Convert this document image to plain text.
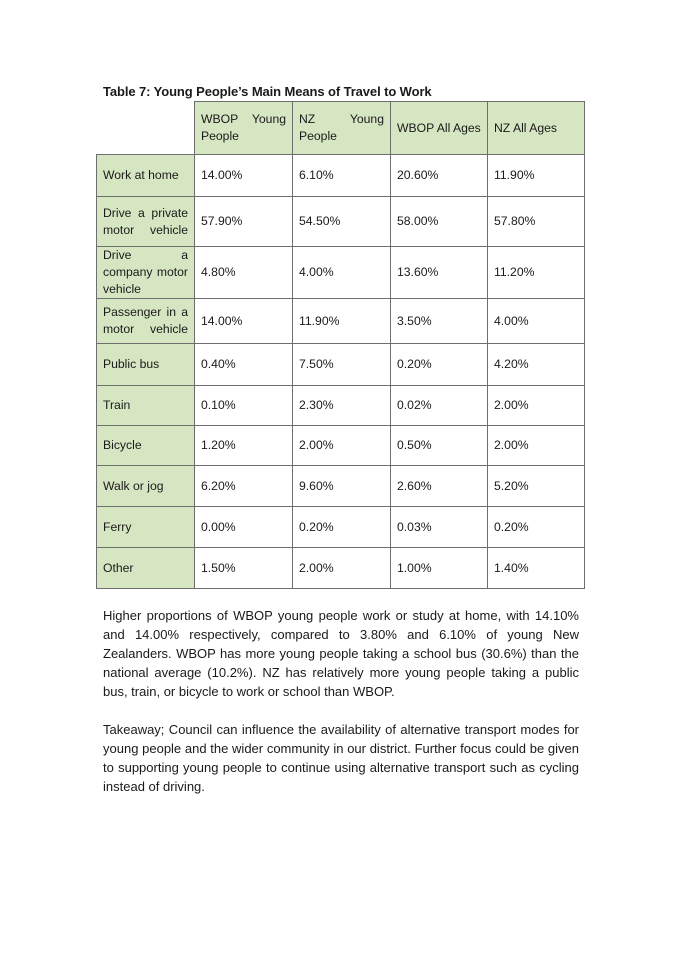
Table 7: Young People’s Main Means of Travel to Work

	WBOP Young People	NZ Young People	WBOP All Ages	NZ All Ages

Work at home	14.00%	6.10%	20.60%	11.90%

Drive a private motor vehicle	57.90%	54.50%	58.00%	57.80%

Drive a company motor vehicle	4.80%	4.00%	13.60%	11.20%

Passenger in a motor vehicle	14.00%	11.90%	3.50%	4.00%
Public bus	0.40%	7.50%	0.20%	4.20%
Train	0.10%	2.30%	0.02%	2.00%
Bicycle	1.20%	2.00%	0.50%	2.00%
Walk or jog	6.20%	9.60%	2.60%	5.20%
Ferry	0.00%	0.20%	0.03%	0.20%
Other	1.50%	2.00%	1.00%	1.40%

Higher proportions of WBOP young people work or study at home, with 14.10% and 14.00% respectively, compared to 3.80% and 6.10% of young New Zealanders. WBOP has more young people taking a school bus (30.6%) than the national average (10.2%). NZ has relatively more young people taking a public bus, train, or bicycle to work or school than WBOP.

Takeaway; Council can influence the availability of alternative transport modes for young people and the wider community in our district. Further focus could be given to supporting young people to continue using alternative transport such as cycling instead of driving.
